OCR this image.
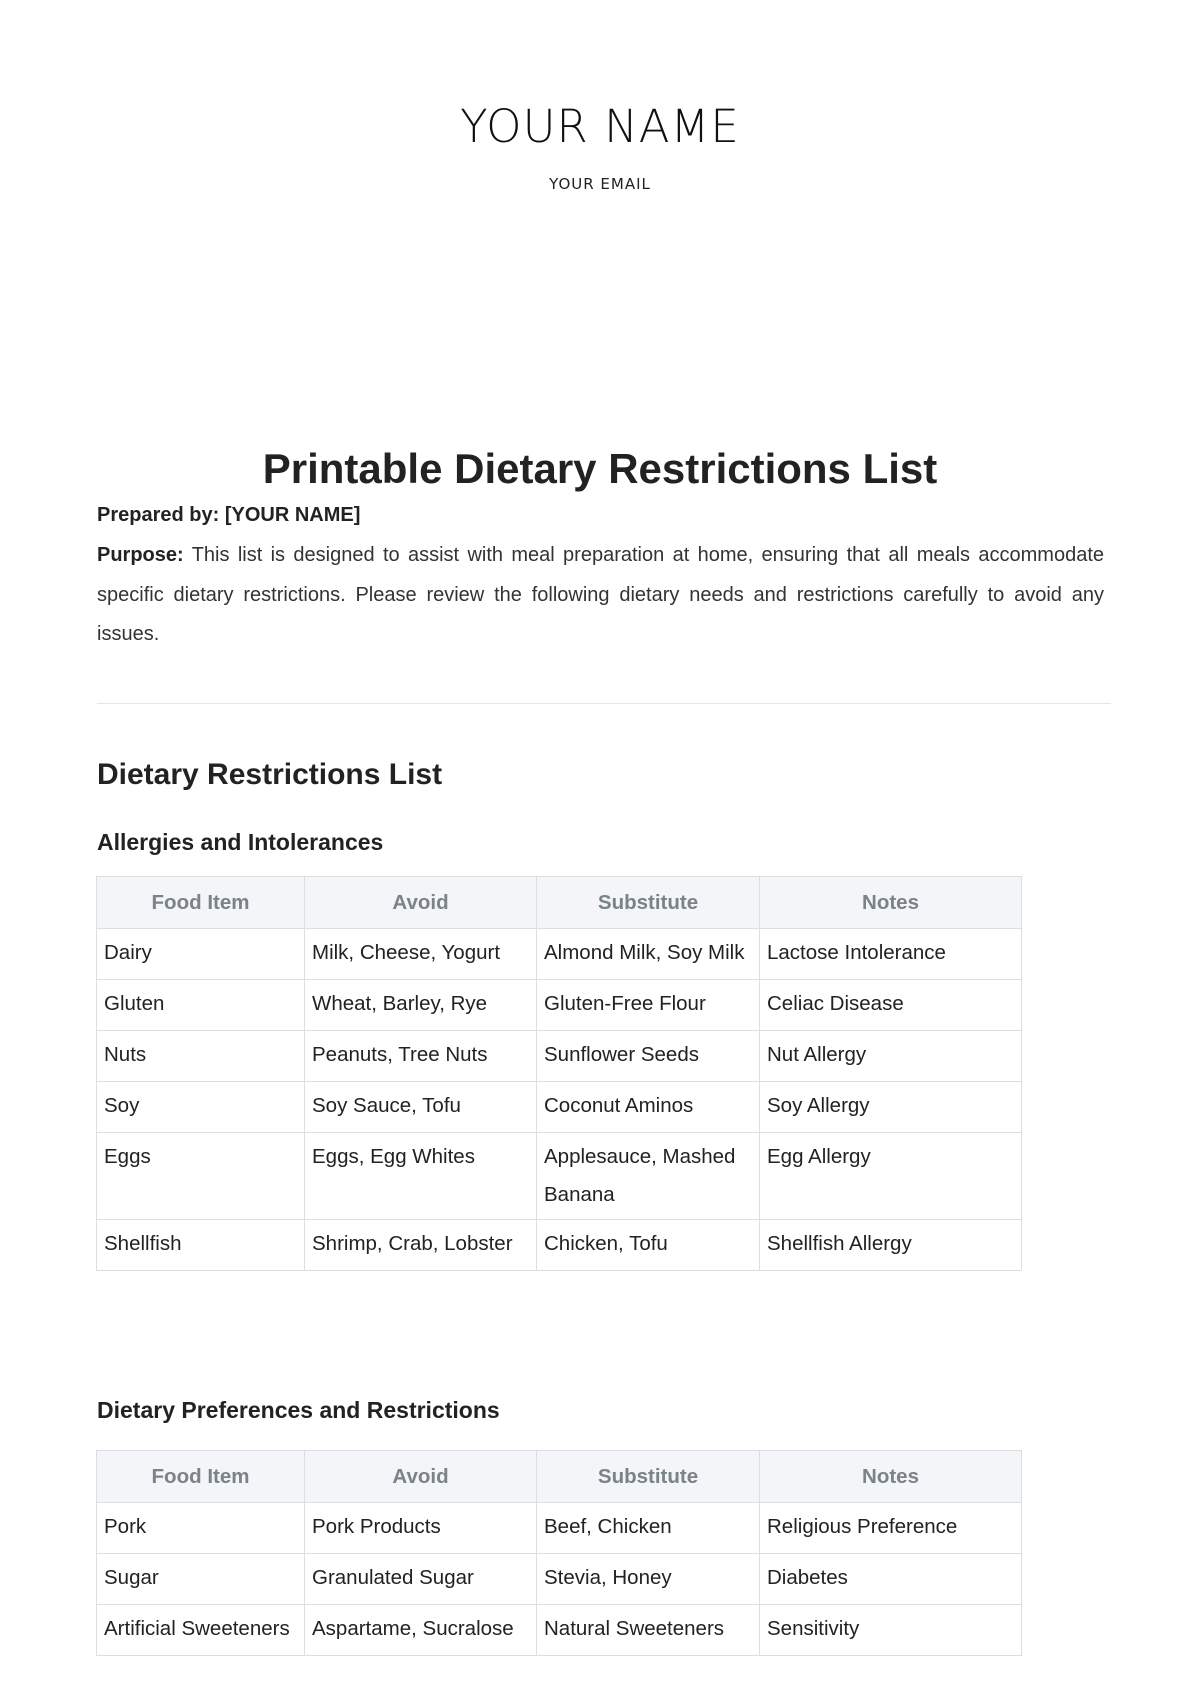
YOUR NAME
YOUR EMAIL
Printable Dietary Restrictions List
Prepared by: [YOUR NAME]
Purpose: This list is designed to assist with meal preparation at home, ensuring that all meals accommodate specific dietary restrictions. Please review the following dietary needs and restrictions carefully to avoid any issues.
Dietary Restrictions List
Allergies and Intolerances
Food Item	Avoid	Substitute	Notes
Dairy	Milk, Cheese, Yogurt	Almond Milk, Soy Milk	Lactose Intolerance
Gluten	Wheat, Barley, Rye	Gluten-Free Flour	Celiac Disease
Nuts	Peanuts, Tree Nuts	Sunflower Seeds	Nut Allergy
Soy	Soy Sauce, Tofu	Coconut Aminos	Soy Allergy
Eggs	Eggs, Egg Whites	Applesauce, Mashed Banana	Egg Allergy
Shellfish	Shrimp, Crab, Lobster	Chicken, Tofu	Shellfish Allergy
Dietary Preferences and Restrictions
Food Item	Avoid	Substitute	Notes
Pork	Pork Products	Beef, Chicken	Religious Preference
Sugar	Granulated Sugar	Stevia, Honey	Diabetes
Artificial Sweeteners	Aspartame, Sucralose	Natural Sweeteners	Sensitivity
